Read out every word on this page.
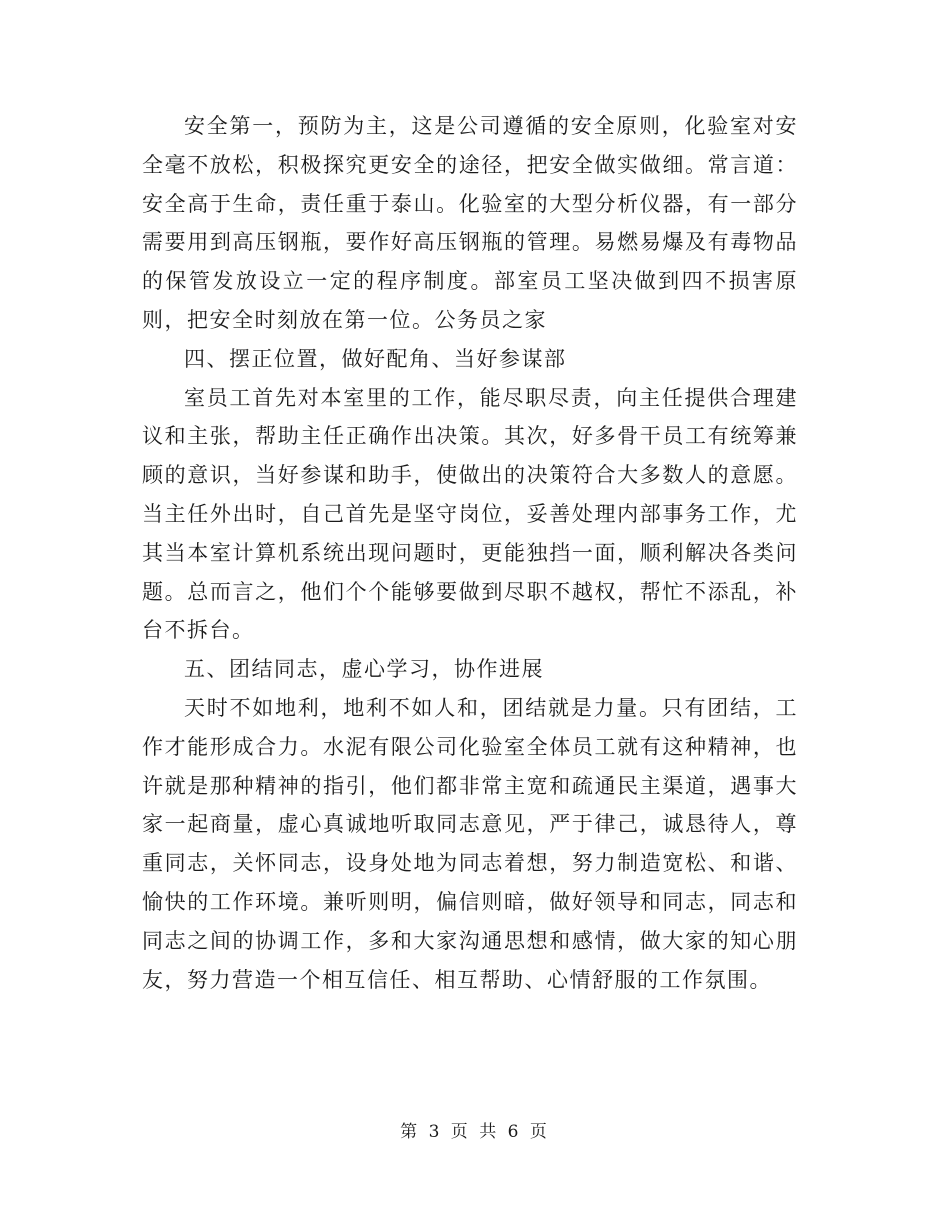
安全第一，预防为主，这是公司遵循的安全原则，化验室对安全毫不放松，积极探究更安全的途径，把安全做实做细。常言道：安全高于生命，责任重于泰山。化验室的大型分析仪器，有一部分需要用到高压钢瓶，要作好高压钢瓶的管理。易燃易爆及有毒物品的保管发放设立一定的程序制度。部室员工坚决做到四不损害原则，把安全时刻放在第一位。公务员之家

四、摆正位置，做好配角、当好参谋部

室员工首先对本室里的工作，能尽职尽责，向主任提供合理建议和主张，帮助主任正确作出决策。其次，好多骨干员工有统筹兼顾的意识，当好参谋和助手，使做出的决策符合大多数人的意愿。当主任外出时，自己首先是坚守岗位，妥善处理内部事务工作，尤其当本室计算机系统出现问题时，更能独挡一面，顺利解决各类问题。总而言之，他们个个能够要做到尽职不越权，帮忙不添乱，补台不拆台。

五、团结同志，虚心学习，协作进展

天时不如地利，地利不如人和，团结就是力量。只有团结，工作才能形成合力。水泥有限公司化验室全体员工就有这种精神，也许就是那种精神的指引，他们都非常主宽和疏通民主渠道，遇事大家一起商量，虚心真诚地听取同志意见，严于律己，诚恳待人，尊重同志，关怀同志，设身处地为同志着想，努力制造宽松、和谐、愉快的工作环境。兼听则明，偏信则暗，做好领导和同志，同志和同志之间的协调工作，多和大家沟通思想和感情，做大家的知心朋友，努力营造一个相互信任、相互帮助、心情舒服的工作氛围。

第 3 页 共 6 页
